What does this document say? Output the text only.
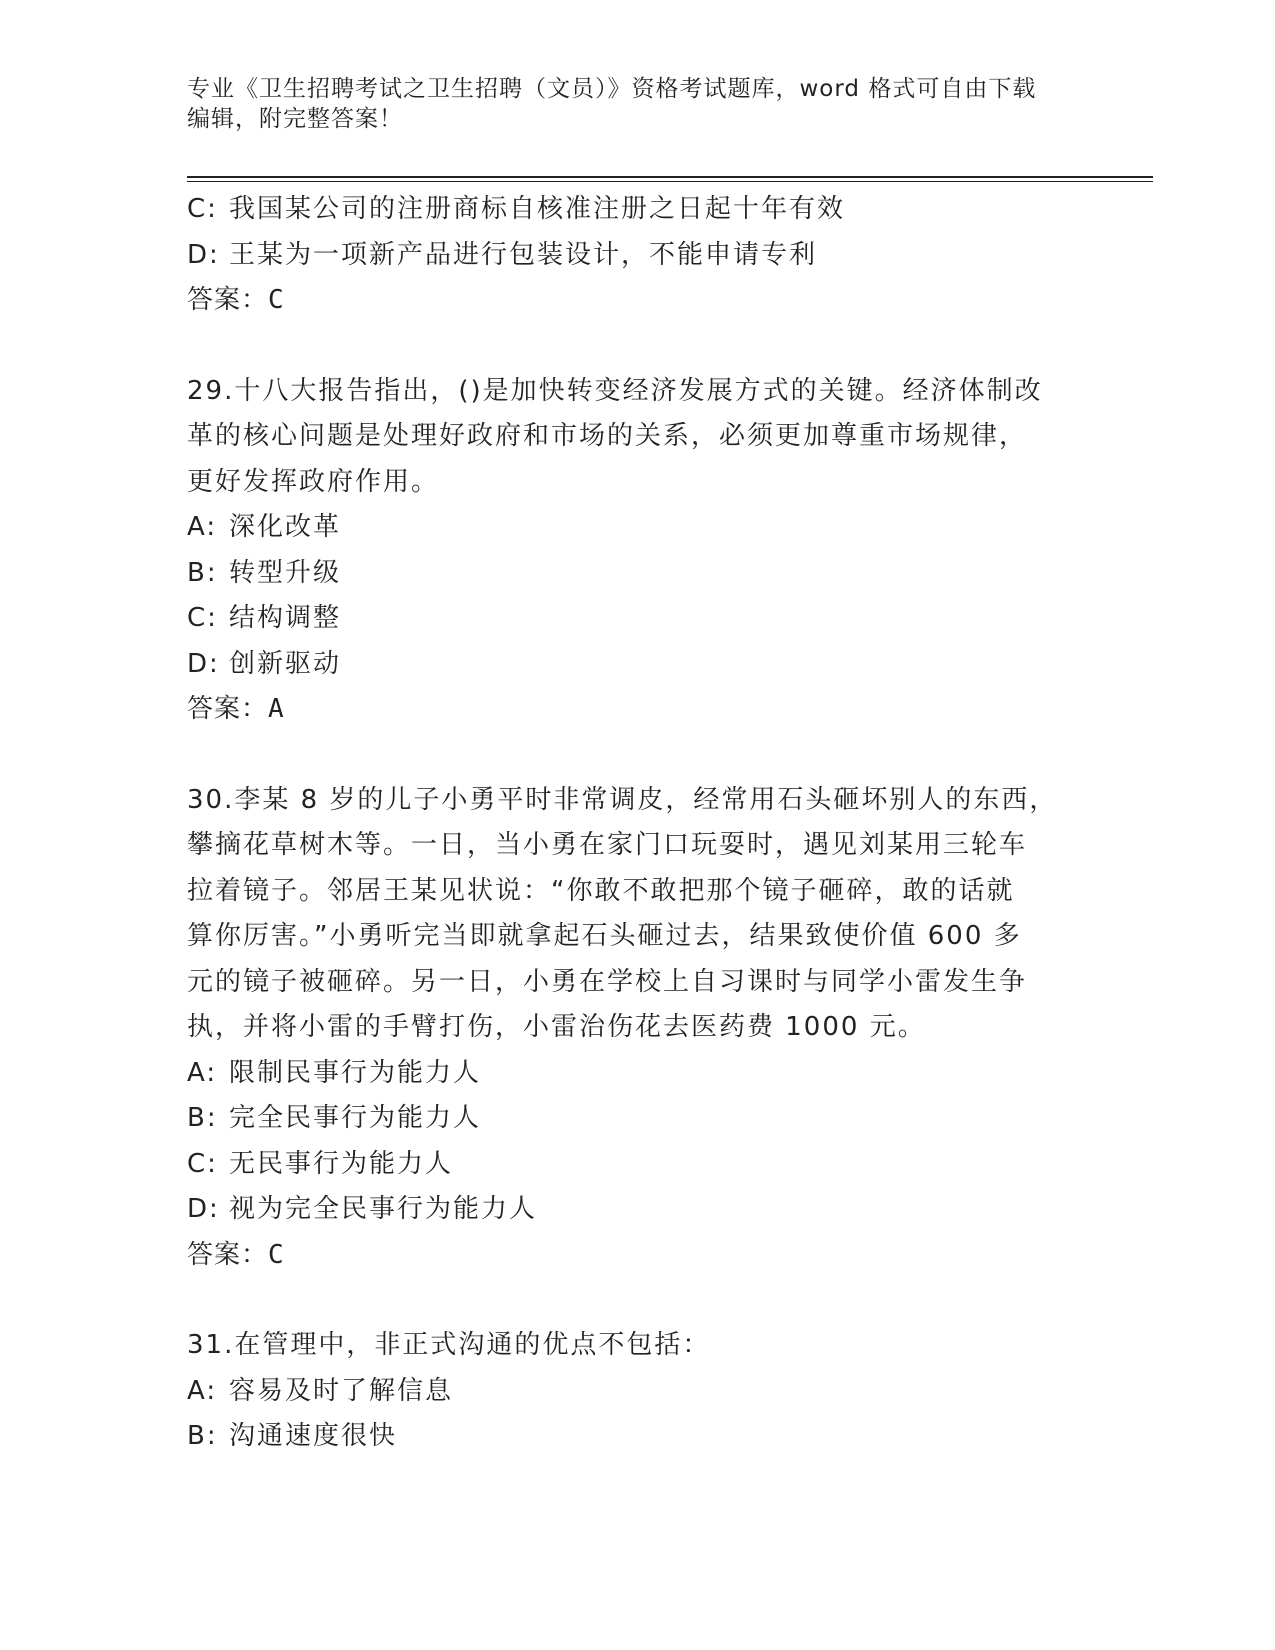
专业《卫生招聘考试之卫生招聘（文员）》资格考试题库，word 格式可自由下载
编辑，附完整答案！
C: 我国某公司的注册商标自核准注册之日起十年有效
D: 王某为一项新产品进行包装设计，不能申请专利
答案：C
29.十八大报告指出，()是加快转变经济发展方式的关键。经济体制改
革的核心问题是处理好政府和市场的关系，必须更加尊重市场规律，
更好发挥政府作用。
A: 深化改革
B: 转型升级
C: 结构调整
D: 创新驱动
答案：A
30.李某 8 岁的儿子小勇平时非常调皮，经常用石头砸坏别人的东西，
攀摘花草树木等。一日，当小勇在家门口玩耍时，遇见刘某用三轮车
拉着镜子。邻居王某见状说：“你敢不敢把那个镜子砸碎，敢的话就
算你厉害。”小勇听完当即就拿起石头砸过去，结果致使价值 600 多
元的镜子被砸碎。另一日，小勇在学校上自习课时与同学小雷发生争
执，并将小雷的手臂打伤，小雷治伤花去医药费 1000 元。
A: 限制民事行为能力人
B: 完全民事行为能力人
C: 无民事行为能力人
D: 视为完全民事行为能力人
答案：C
31.在管理中，非正式沟通的优点不包括：
A: 容易及时了解信息
B: 沟通速度很快
